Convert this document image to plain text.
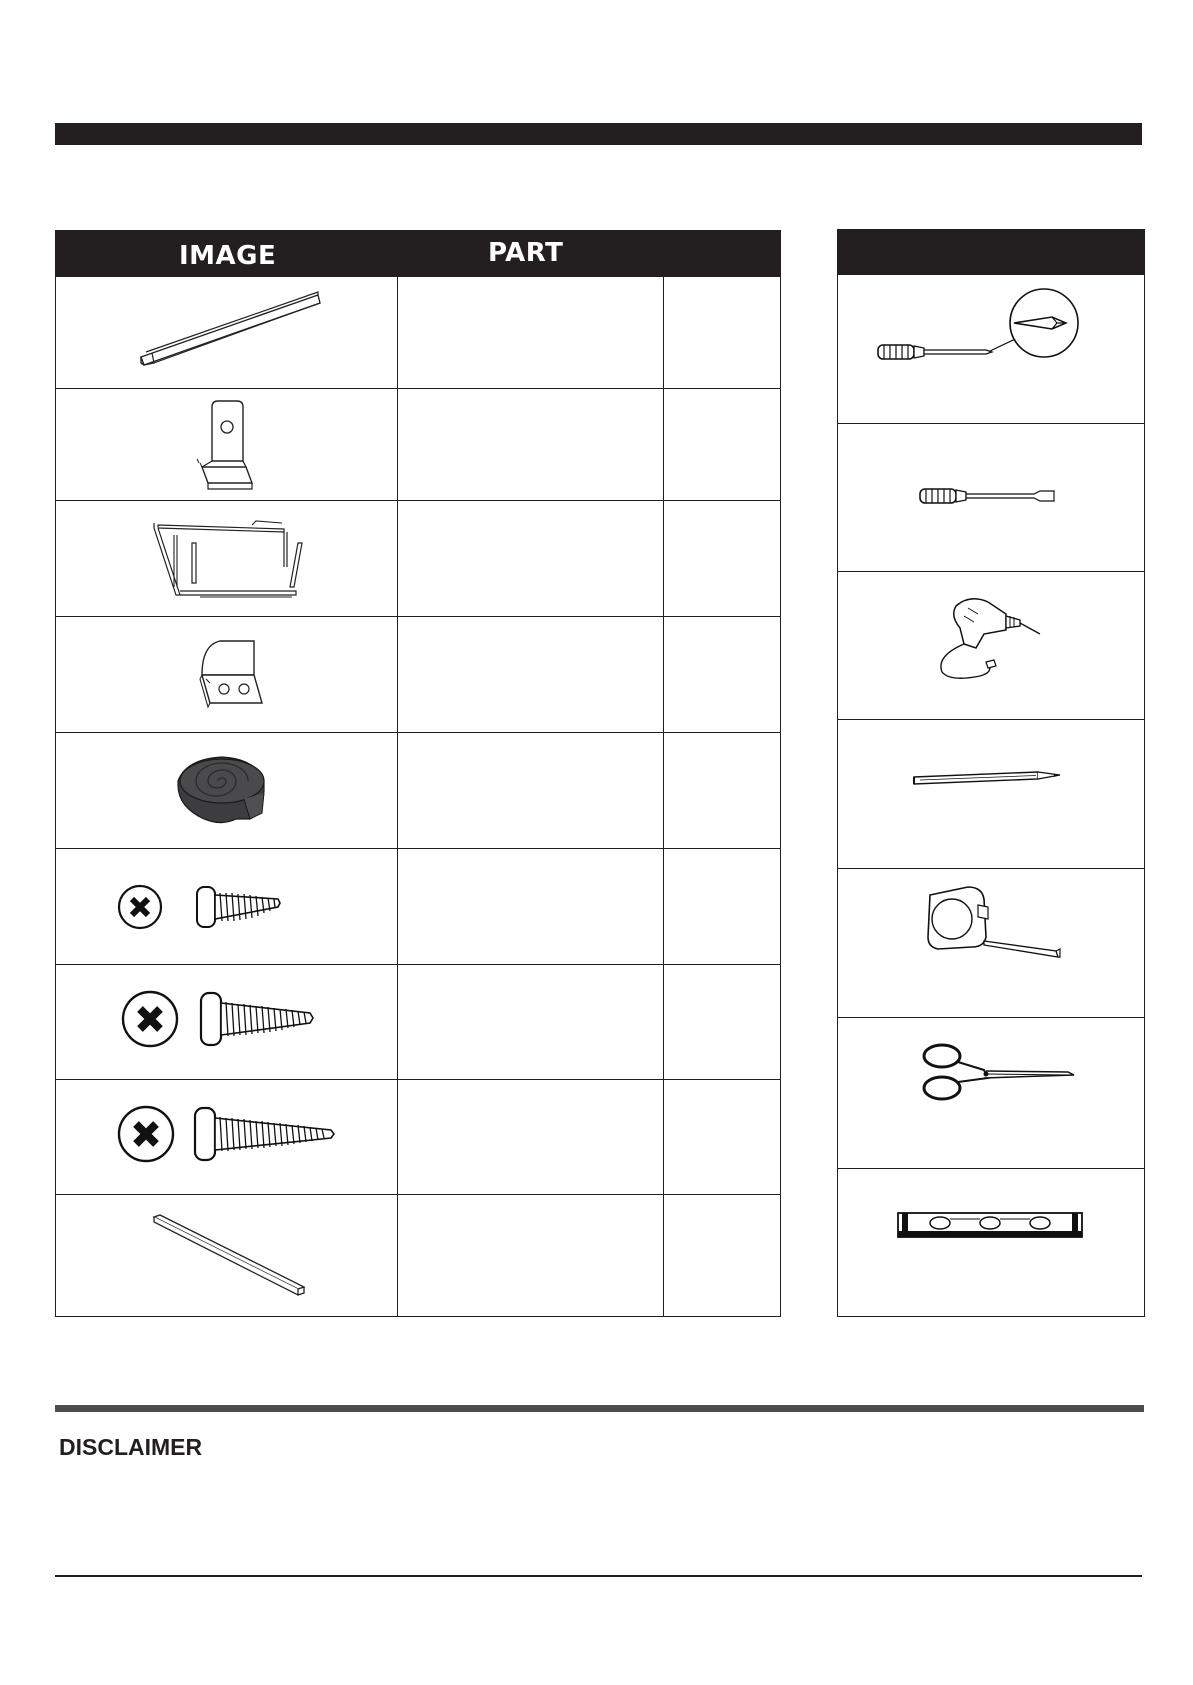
IMAGE	PART
DISCLAIMER
